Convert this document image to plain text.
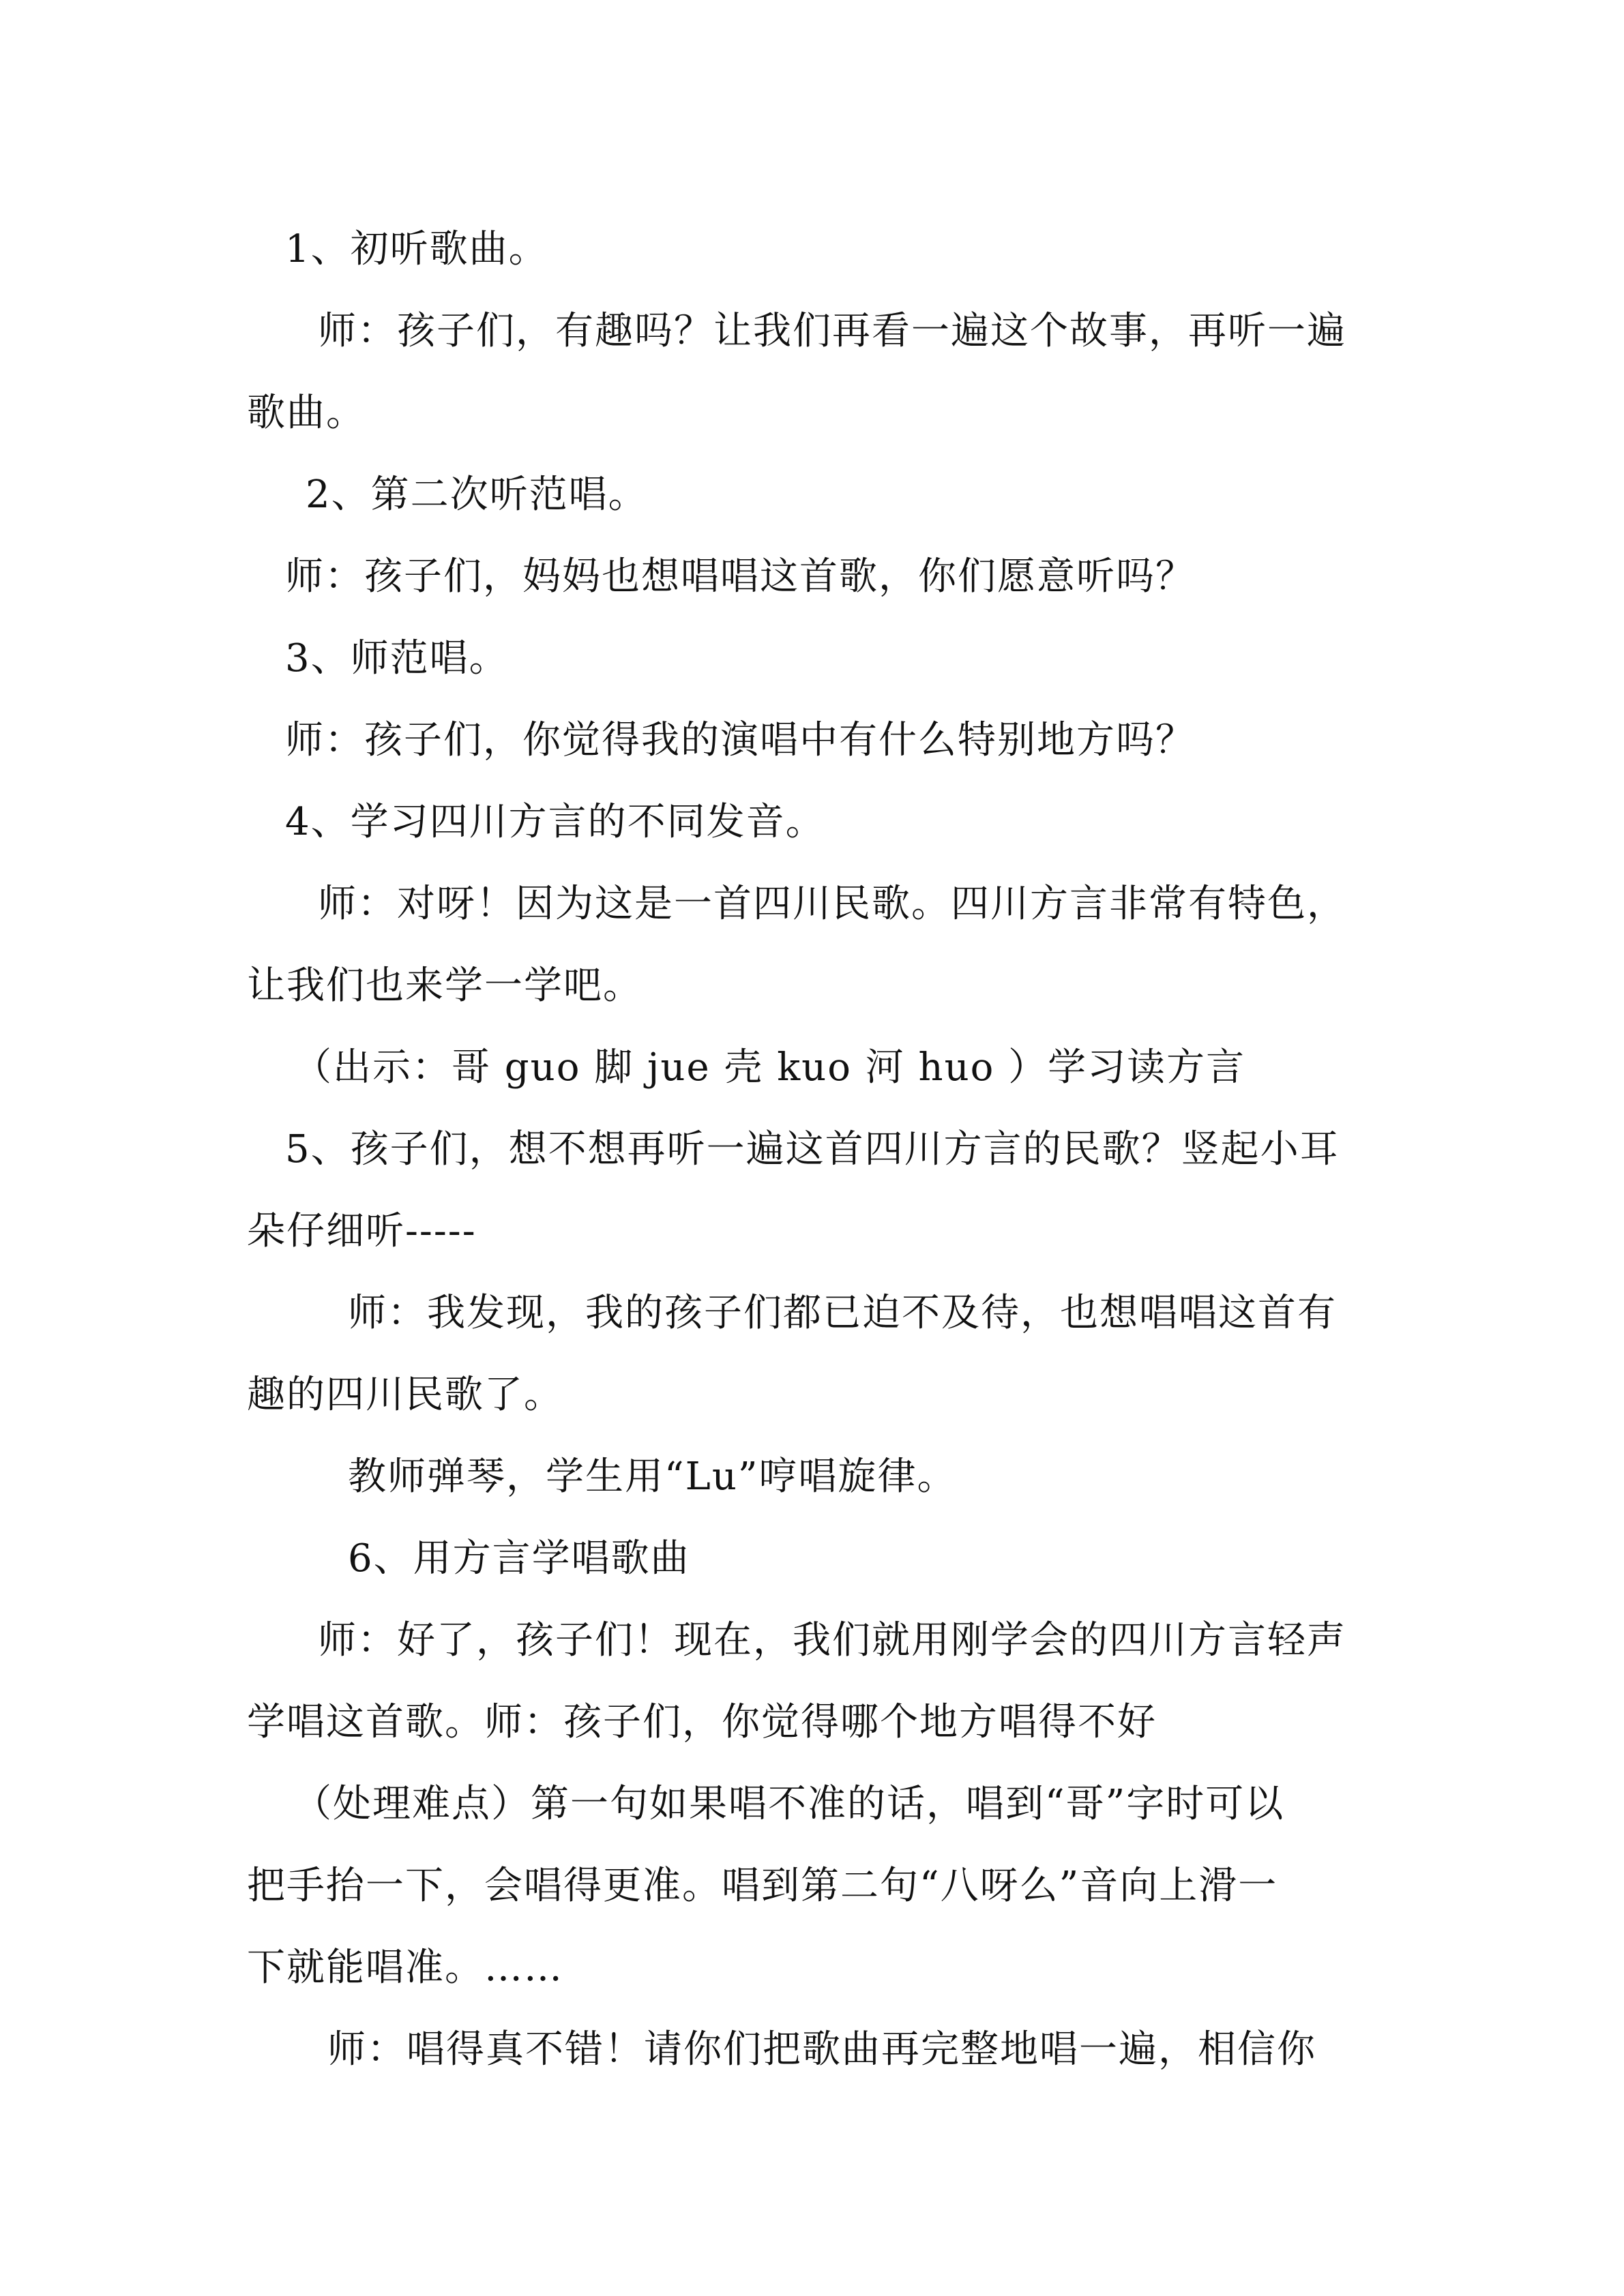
1、初听歌曲。
师：孩子们，有趣吗？让我们再看一遍这个故事，再听一遍
歌曲。
2、第二次听范唱。
师：孩子们，妈妈也想唱唱这首歌，你们愿意听吗？
3、师范唱。
师：孩子们，你觉得我的演唱中有什么特别地方吗？
4、学习四川方言的不同发音。
师：对呀！因为这是一首四川民歌。四川方言非常有特色，
让我们也来学一学吧。
（出示：哥 guo 脚 jue 壳 kuo 河 huo ）学习读方言
5、孩子们，想不想再听一遍这首四川方言的民歌？竖起小耳
朵仔细听-----
师：我发现，我的孩子们都已迫不及待，也想唱唱这首有
趣的四川民歌了。
教师弹琴，学生用“Lu”哼唱旋律。
6、用方言学唱歌曲
师：好了，孩子们！现在，我们就用刚学会的四川方言轻声
学唱这首歌。师：孩子们，你觉得哪个地方唱得不好
（处理难点）第一句如果唱不准的话，唱到“哥”字时可以
把手抬一下，会唱得更准。唱到第二句“八呀么”音向上滑一
下就能唱准。……
师：唱得真不错！请你们把歌曲再完整地唱一遍，相信你
